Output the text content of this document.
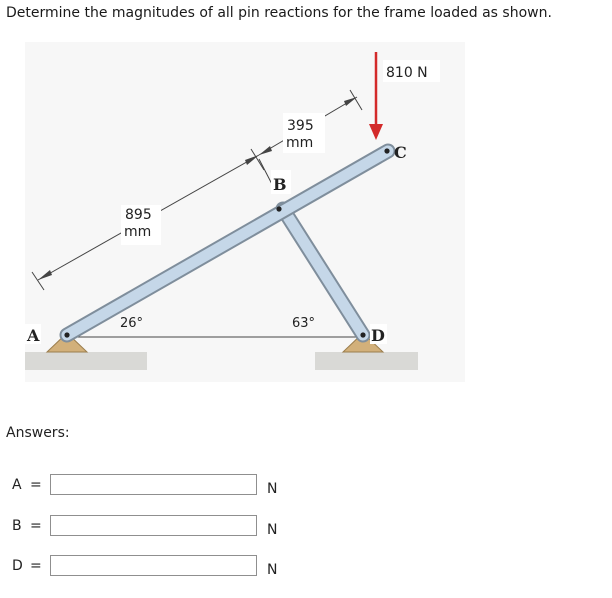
Determine the magnitudes of all pin reactions for the frame loaded as shown.
810 N
395
mm
895
mm
26°	63°
A
B
C
D
Answers:
A =	N
B =	N
D =	N
